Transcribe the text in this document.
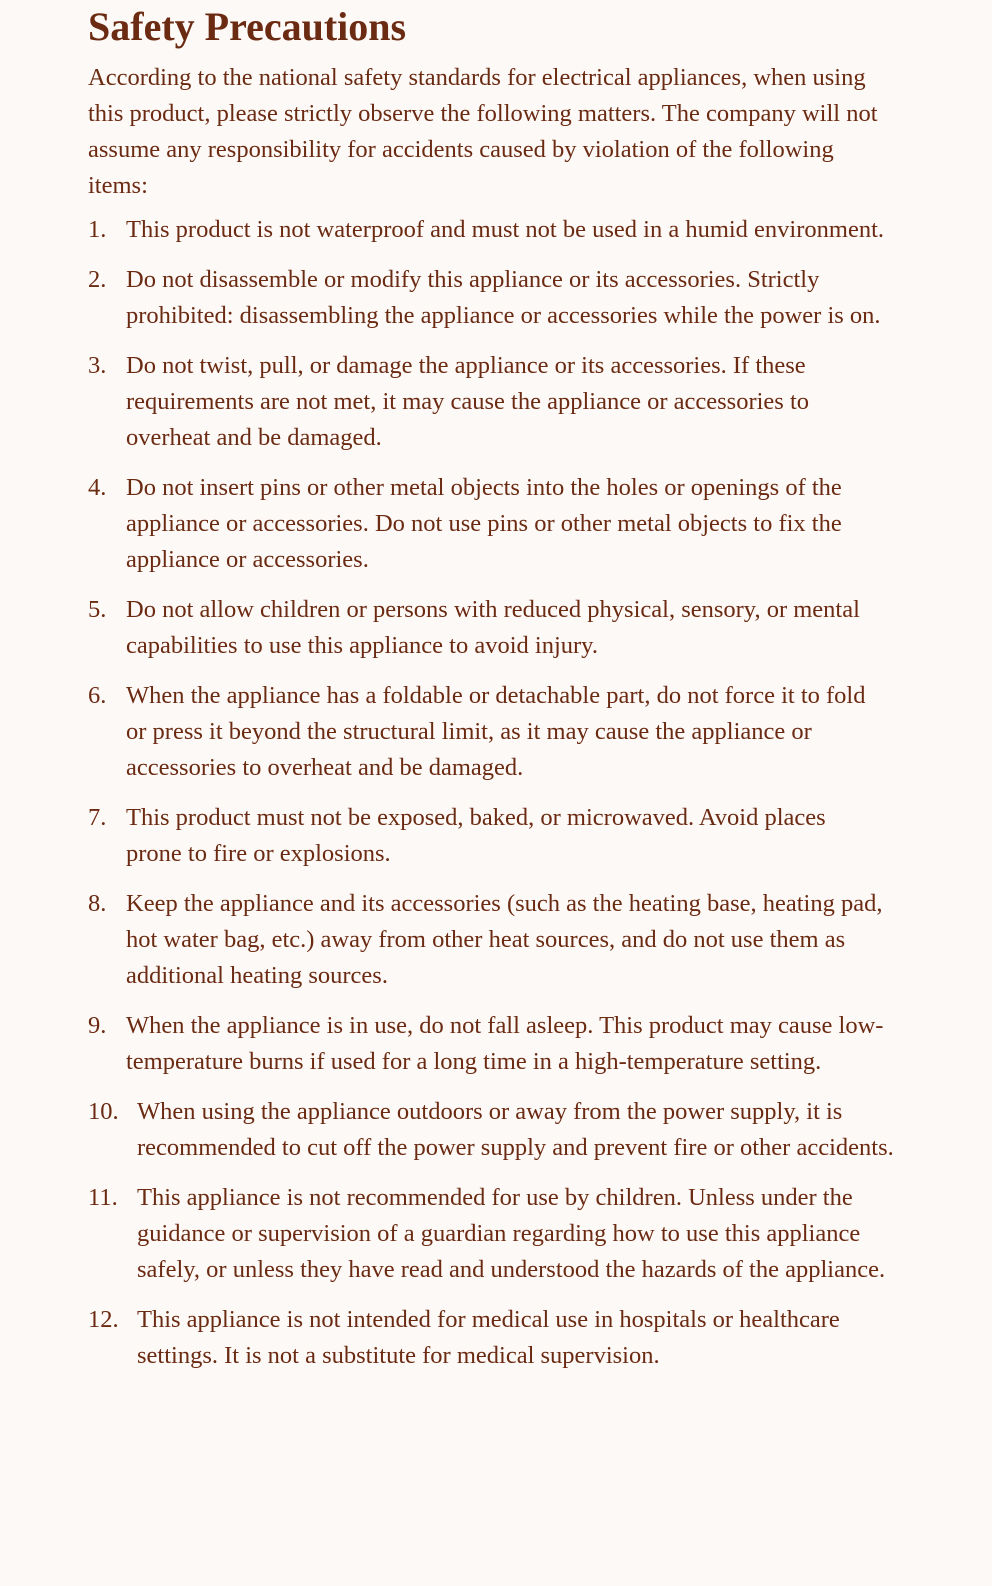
Safety Precautions

According to the national safety standards for electrical appliances, when using this product, please strictly observe the following matters. The company will not assume any responsibility for accidents caused by violation of the following items:

1. This product is not waterproof and must not be used in a humid environment.
2. Do not disassemble or modify this appliance or its accessories. Strictly prohibited: disassembling the appliance or accessories while the power is on.
3. Do not twist, pull, or damage the appliance or its accessories. If these requirements are not met, it may cause the appliance or accessories to overheat and be damaged.
4. Do not insert pins or other metal objects into the holes or openings of the appliance or accessories. Do not use pins or other metal objects to fix the appliance or accessories.
5. Do not allow children or persons with reduced physical, sensory, or mental capabilities to use this appliance to avoid injury.
6. When the appliance has a foldable or detachable part, do not force it to fold or press it beyond the structural limit, as it may cause the appliance or accessories to overheat and be damaged.
7. This product must not be exposed, baked, or microwaved. Avoid places prone to fire or explosions.
8. Keep the appliance and its accessories (such as the heating base, heating pad, hot water bag, etc.) away from other heat sources, and do not use them as additional heating sources.
9. When the appliance is in use, do not fall asleep. This product may cause low-temperature burns if used for a long time in a high-temperature setting.
10. When using the appliance outdoors or away from the power supply, it is recommended to cut off the power supply and prevent fire or other accidents.
11. This appliance is not recommended for use by children. Unless under the guidance or supervision of a guardian regarding how to use this appliance safely, or unless they have read and understood the hazards of the appliance.
12. This appliance is not intended for medical use in hospitals or healthcare settings. It is not a substitute for medical supervision.
